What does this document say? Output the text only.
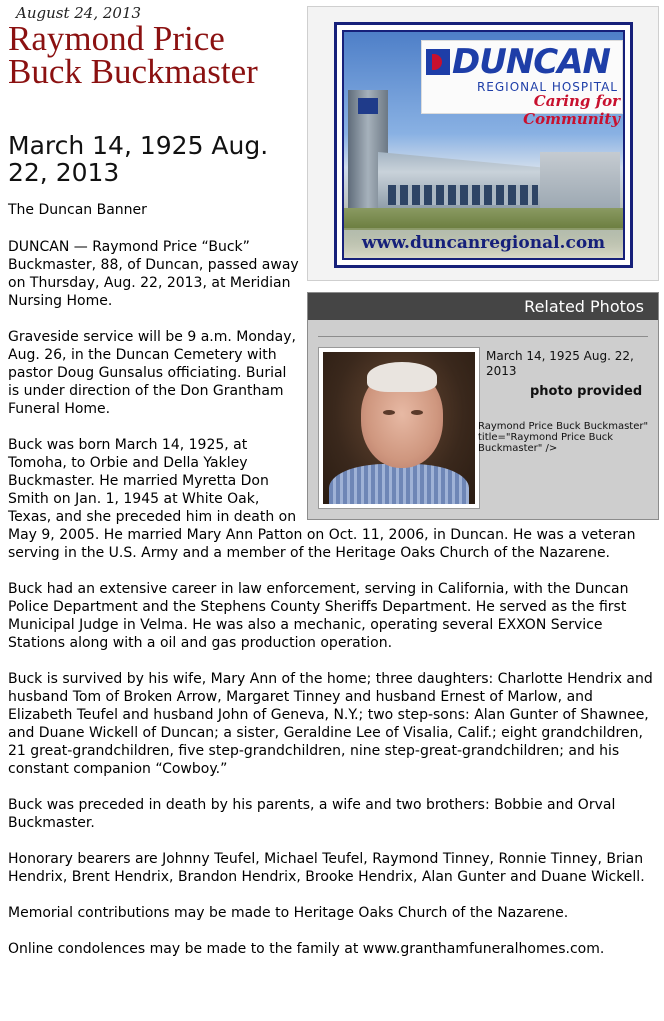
August 24, 2013
Raymond Price Buck Buckmaster
March 14, 1925 Aug. 22, 2013
The Duncan Banner

DUNCAN — Raymond Price “Buck” Buckmaster, 88, of Duncan, passed away on Thursday, Aug. 22, 2013, at Meridian Nursing Home.

Graveside service will be 9 a.m. Monday, Aug. 26, in the Duncan Cemetery with pastor Doug Gunsalus officiating. Burial is under direction of the Don Grantham Funeral Home.

Buck was born March 14, 1925, at Tomoha, to Orbie and Della Yakley Buckmaster. He married Myretta Don Smith on Jan. 1, 1945 at White Oak, Texas, and she preceded him in death on May 9, 2005. He married Mary Ann Patton on Oct. 11, 2006, in Duncan. He was a veteran serving in the U.S. Army and a member of the Heritage Oaks Church of the Nazarene.

Buck had an extensive career in law enforcement, serving in California, with the Duncan Police Department and the Stephens County Sheriffs Department. He served as the first Municipal Judge in Velma. He was also a mechanic, operating several EXXON Service Stations along with a oil and gas production operation.

Buck is survived by his wife, Mary Ann of the home; three daughters: Charlotte Hendrix and husband Tom of Broken Arrow, Margaret Tinney and husband Ernest of Marlow, and Elizabeth Teufel and husband John of Geneva, N.Y.; two step-sons: Alan Gunter of Shawnee, and Duane Wickell of Duncan; a sister, Geraldine Lee of Visalia, Calif.; eight grandchildren, 21 great-grandchildren, five step-grandchildren, nine step-great-grandchildren; and his constant companion “Cowboy.”

Buck was preceded in death by his parents, a wife and two brothers: Bobbie and Orval Buckmaster.

Honorary bearers are Johnny Teufel, Michael Teufel, Raymond Tinney, Ronnie Tinney, Brian Hendrix, Brent Hendrix, Brandon Hendrix, Brooke Hendrix, Alan Gunter and Duane Wickell.

Memorial contributions may be made to Heritage Oaks Church of the Nazarene.

Online condolences may be made to the family at www.granthamfuneralhomes.com.

DUNCAN
REGIONAL HOSPITAL
Caring for Community
www.duncanregional.com
Related Photos
March 14, 1925 Aug. 22, 2013
photo provided
Raymond Price Buck Buckmaster" title="Raymond Price Buck Buckmaster" />
